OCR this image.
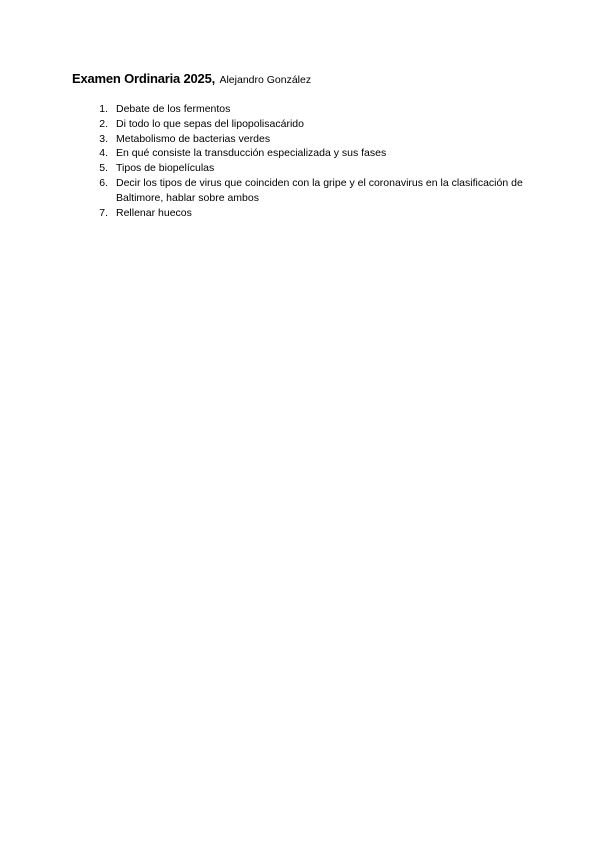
Examen Ordinaria 2025, Alejandro González
1. Debate de los fermentos
2. Di todo lo que sepas del lipopolisacárido
3. Metabolismo de bacterias verdes
4. En qué consiste la transducción especializada y sus fases
5. Tipos de biopelículas
6. Decir los tipos de virus que coinciden con la gripe y el coronavirus en la clasificación de Baltimore, hablar sobre ambos
7. Rellenar huecos
